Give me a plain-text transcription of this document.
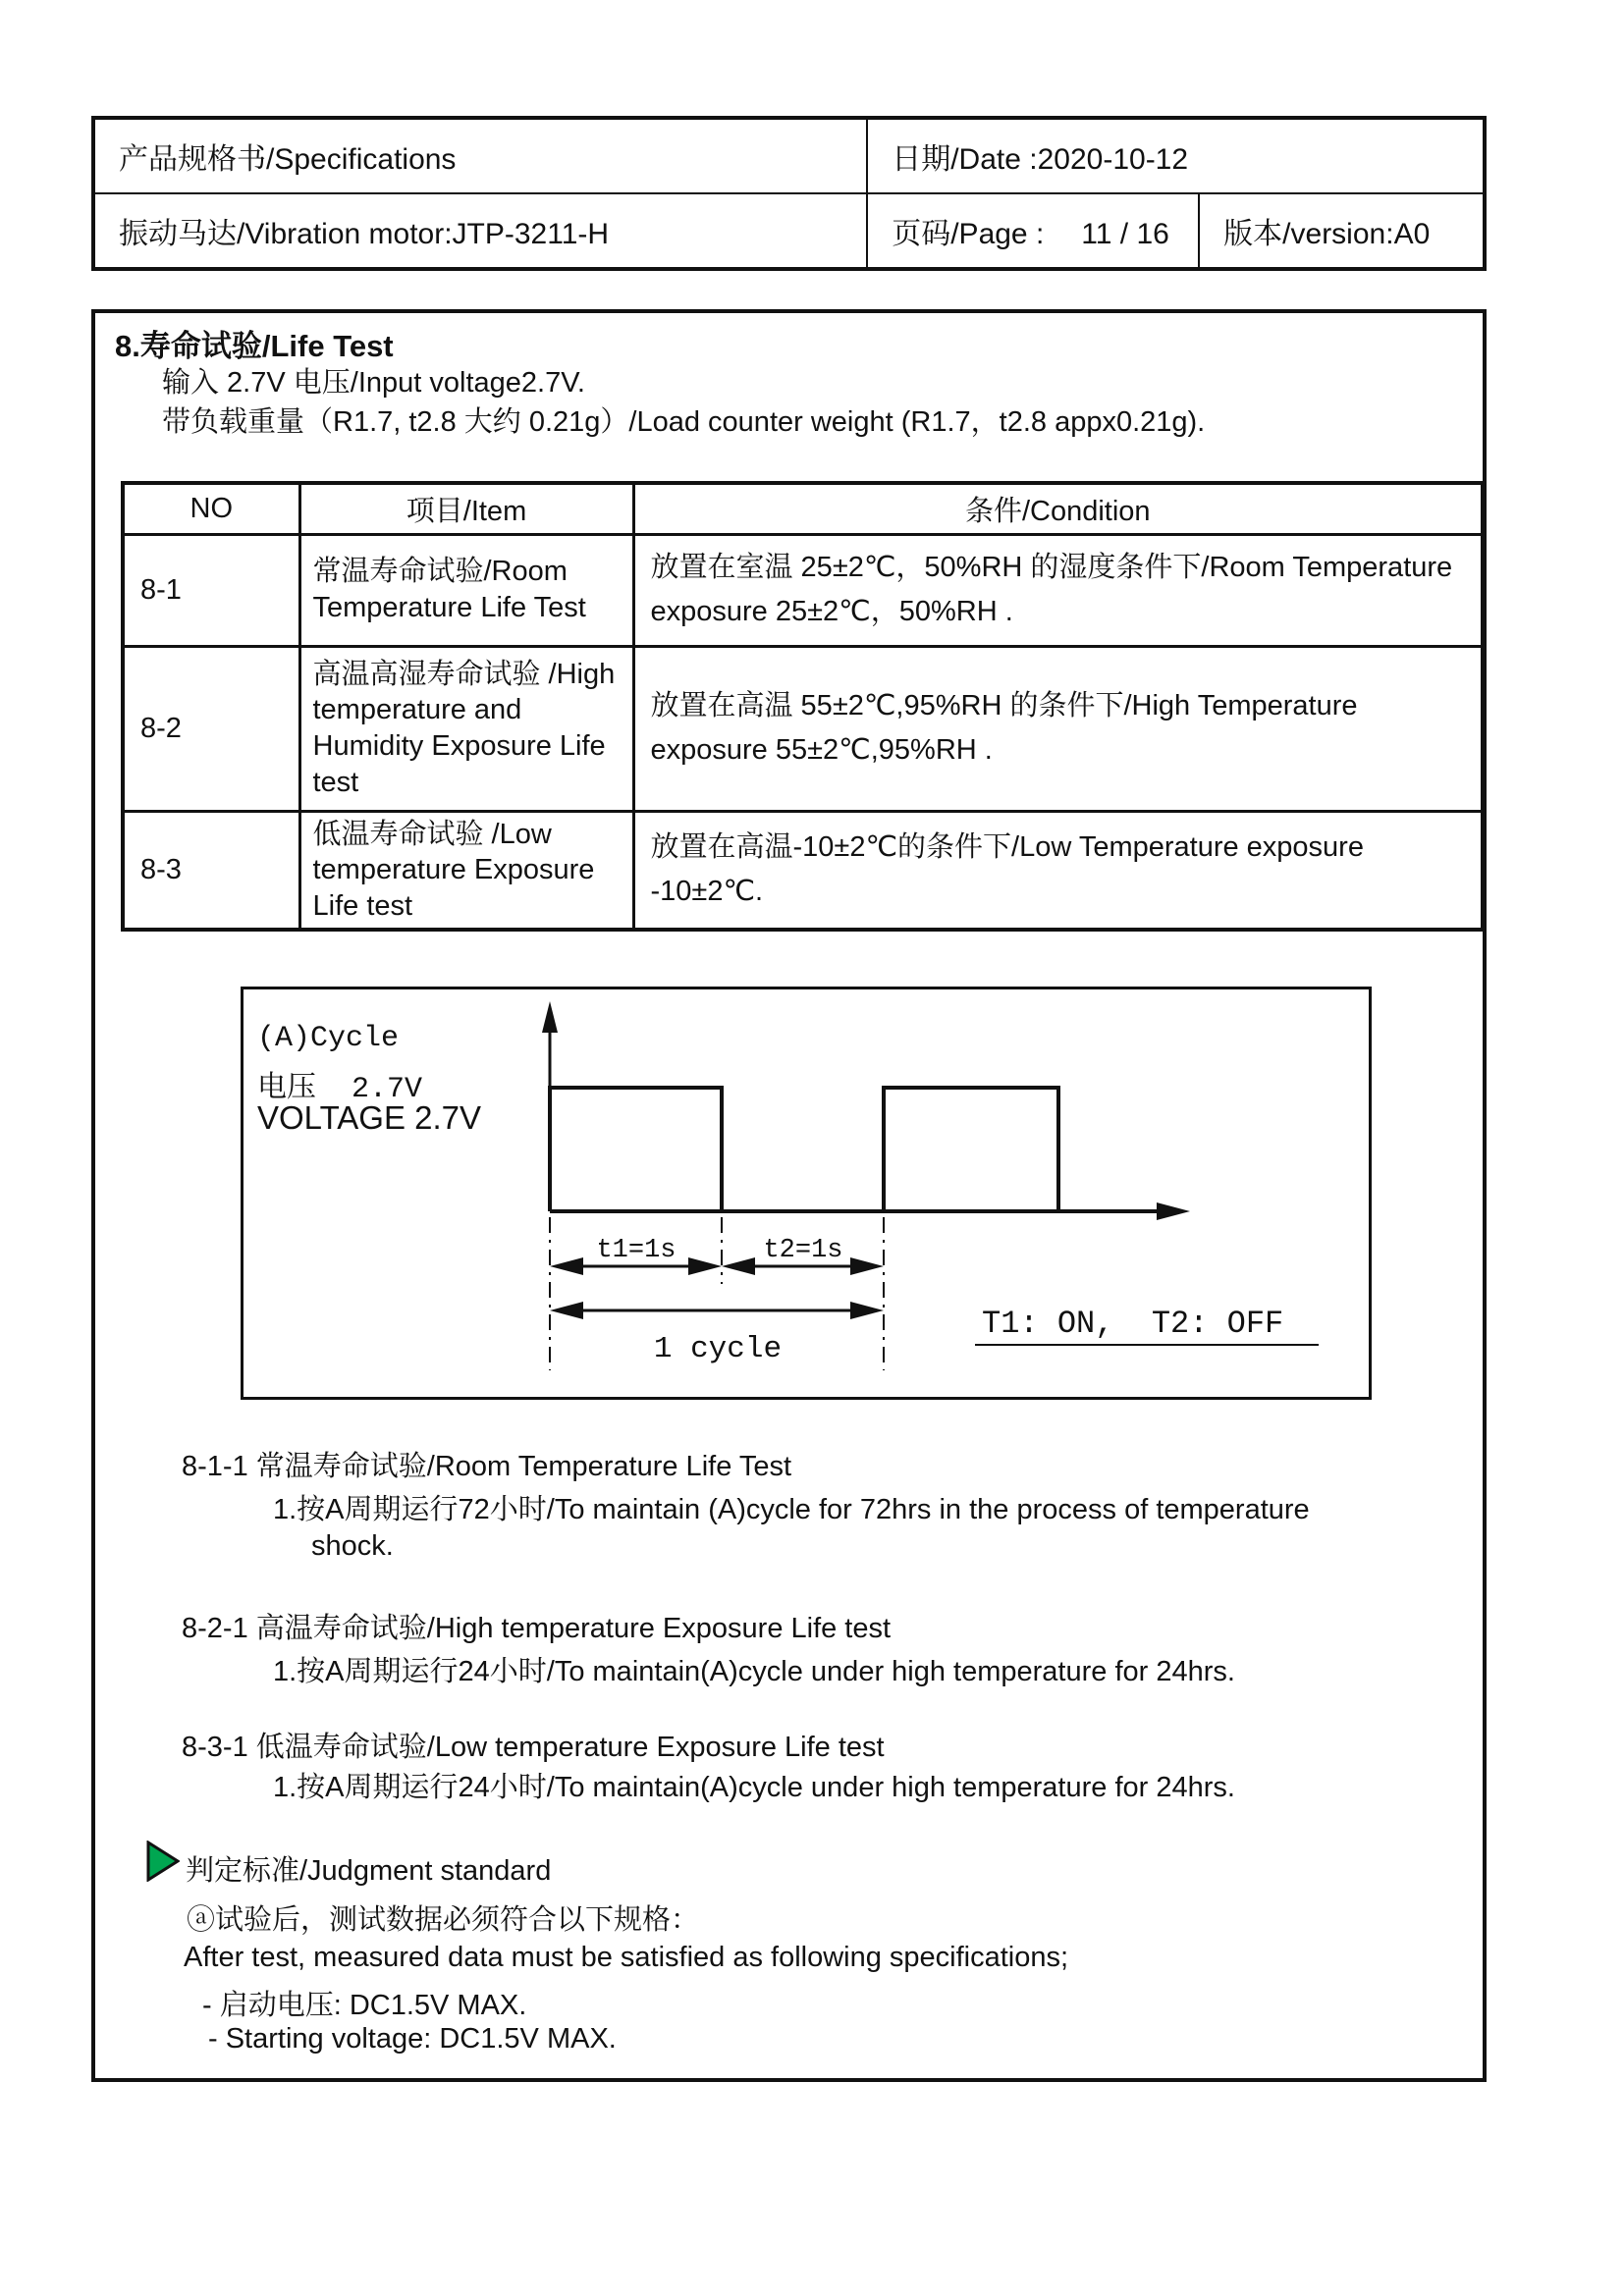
产品规格书/Specifications	日期/Date :2020-10-12	
振动马达/Vibration motor:JTP-3211-H	页码/Page : 11 / 16	版本/version:A0
8.寿命试验/Life Test
输入 2.7V 电压/Input voltage2.7V.
带负载重量（R1.7, t2.8 大约 0.21g）/Load counter weight (R1.7，t2.8 appx0.21g).
NO	项目/Item	条件/Condition
8-1	常温寿命试验/Room Temperature Life Test	放置在室温 25±2℃，50%RH 的湿度条件下/Room Temperature exposure 25±2℃，50%RH .
8-2	高温高湿寿命试验 /High temperature and Humidity Exposure Life test	放置在高温 55±2℃,95%RH 的条件下/High Temperature exposure 55±2℃,95%RH .
8-3	低温寿命试验 /Low temperature Exposure Life test	放置在高温-10±2℃的条件下/Low Temperature exposure -10±2℃.
(A)Cycle
电压  2.7V
VOLTAGE 2.7V
t1=1s	t2=1s
1 cycle
T1: ON,  T2: OFF
8-1-1 常温寿命试验/Room Temperature Life Test
1.按A周期运行72小时/To maintain (A)cycle for 72hrs in the process of temperature
shock.
8-2-1 高温寿命试验/High temperature Exposure Life test
1.按A周期运行24小时/To maintain(A)cycle under high temperature for 24hrs.
8-3-1 低温寿命试验/Low temperature Exposure Life test
1.按A周期运行24小时/To maintain(A)cycle under high temperature for 24hrs.
判定标准/Judgment standard
ⓐ试验后，测试数据必须符合以下规格：
After test, measured data must be satisfied as following specifications;
- 启动电压: DC1.5V MAX.
- Starting voltage: DC1.5V MAX.
